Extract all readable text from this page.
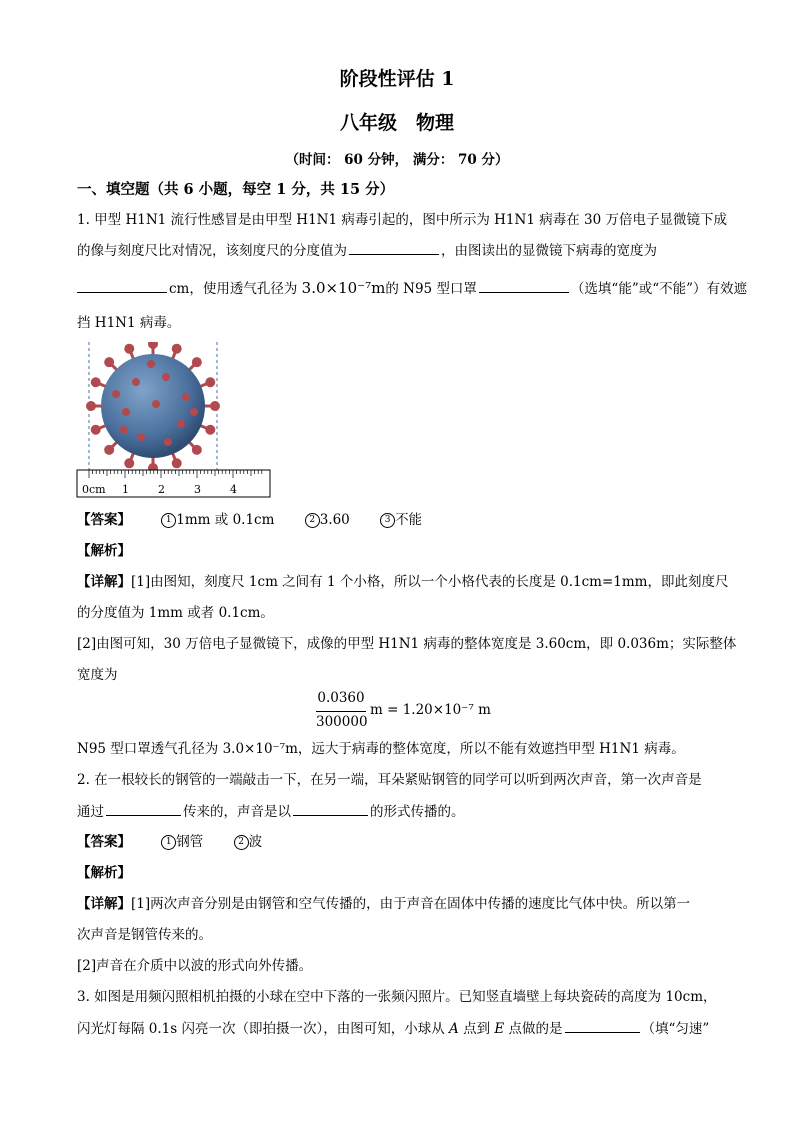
阶段性评估 1
八年级　物理
（时间： 60 分钟， 满分： 70 分）
一、填空题（共 6 小题，每空 1 分，共 15 分）
1. 甲型 H1N1 流行性感冒是由甲型 H1N1 病毒引起的，图中所示为 H1N1 病毒在 30 万倍电子显微镜下成
的像与刻度尺比对情况，该刻度尺的分度值为	，由图读出的显微镜下病毒的宽度为
cm，使用透气孔径为 3.0×10⁻⁷m的 N95 型口罩	（选填“能”或“不能”）有效遮
挡 H1N1 病毒。
0cm 1	2	3	4
【答案】	1 1mm 或 0.1cm	2 3.60	3 不能
【解析】
【详解】[1]由图知，刻度尺 1cm 之间有 1 个小格，所以一个小格代表的长度是 0.1cm=1mm，即此刻度尺
的分度值为 1mm 或者 0.1cm。
[2]由图可知，30 万倍电子显微镜下，成像的甲型 H1N1 病毒的整体宽度是 3.60cm，即 0.036m；实际整体
宽度为
0.0360
300000
m = 1.20×10⁻⁷ m
N95 型口罩透气孔径为 3.0×10⁻⁷m，远大于病毒的整体宽度，所以不能有效遮挡甲型 H1N1 病毒。
2. 在一根较长的钢管的一端敲击一下，在另一端，耳朵紧贴钢管的同学可以听到两次声音，第一次声音是
通过	传来的，声音是以	的形式传播的。
【答案】	1 钢管	2 波
【解析】
【详解】[1]两次声音分别是由钢管和空气传播的，由于声音在固体中传播的速度比气体中快。所以第一
次声音是钢管传来的。
[2]声音在介质中以波的形式向外传播。
3. 如图是用频闪照相机拍摄的小球在空中下落的一张频闪照片。已知竖直墙壁上每块瓷砖的高度为 10cm，
闪光灯每隔 0.1s 闪亮一次（即拍摄一次），由图可知，小球从 A 点到 E 点做的是	（填“匀速”
